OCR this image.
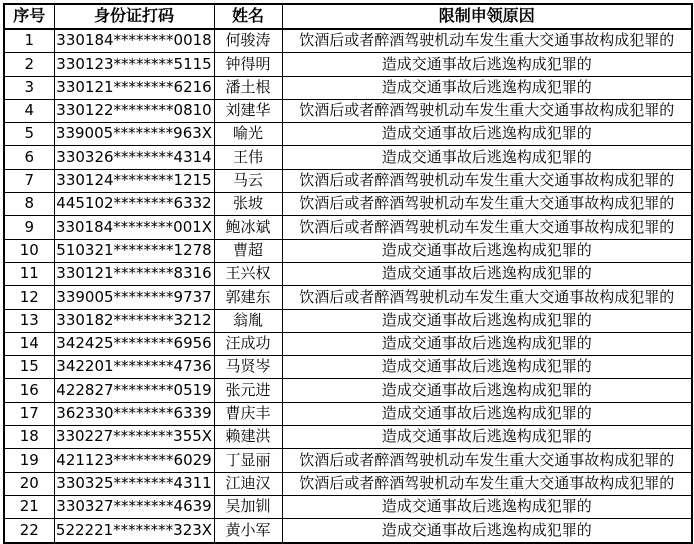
序号	身份证打码	姓名	限制申领原因
1	330184********0018	何骏涛	饮酒后或者醉酒驾驶机动车发生重大交通事故构成犯罪的
2	330123********5115	钟得明	造成交通事故后逃逸构成犯罪的
3	330121********6216	潘土根	造成交通事故后逃逸构成犯罪的
4	330122********0810	刘建华	饮酒后或者醉酒驾驶机动车发生重大交通事故构成犯罪的
5	339005********963X	喻光	造成交通事故后逃逸构成犯罪的
6	330326********4314	王伟	造成交通事故后逃逸构成犯罪的
7	330124********1215	马云	饮酒后或者醉酒驾驶机动车发生重大交通事故构成犯罪的
8	445102********6332	张坡	饮酒后或者醉酒驾驶机动车发生重大交通事故构成犯罪的
9	330184********001X	鲍冰斌	饮酒后或者醉酒驾驶机动车发生重大交通事故构成犯罪的
10	510321********1278	曹超	造成交通事故后逃逸构成犯罪的
11	330121********8316	王兴权	造成交通事故后逃逸构成犯罪的
12	339005********9737	郭建东	饮酒后或者醉酒驾驶机动车发生重大交通事故构成犯罪的
13	330182********3212	翁胤	造成交通事故后逃逸构成犯罪的
14	342425********6956	汪成功	造成交通事故后逃逸构成犯罪的
15	342201********4736	马贤岑	造成交通事故后逃逸构成犯罪的
16	422827********0519	张元进	造成交通事故后逃逸构成犯罪的
17	362330********6339	曹庆丰	造成交通事故后逃逸构成犯罪的
18	330227********355X	赖建洪	造成交通事故后逃逸构成犯罪的
19	421123********6029	丁显丽	饮酒后或者醉酒驾驶机动车发生重大交通事故构成犯罪的
20	330325********4311	江迪汉	饮酒后或者醉酒驾驶机动车发生重大交通事故构成犯罪的
21	330327********4639	吴加钏	造成交通事故后逃逸构成犯罪的
22	522221********323X	黄小军	造成交通事故后逃逸构成犯罪的
